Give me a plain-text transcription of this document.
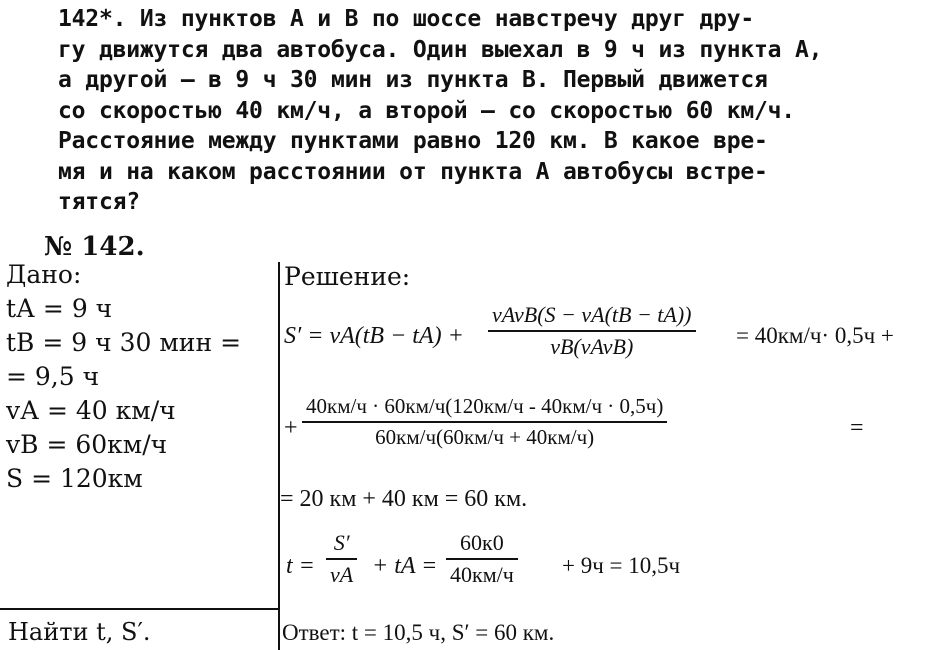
142*. Из пунктов А и В по шоссе навстречу друг дру-
гу движутся два автобуса. Один выехал в 9 ч из пункта А,
а другой — в 9 ч 30 мин из пункта В. Первый движется
со скоростью 40 км/ч, а второй — со скоростью 60 км/ч.
Расстояние между пунктами равно 120 км. В какое вре-
мя и на каком расстоянии от пункта А автобусы встре-
тятся?
№ 142.
Дано:
tА = 9 ч
tВ = 9 ч 30 мин =
= 9,5 ч
vА = 40 км/ч
vВ = 60км/ч
S = 120км
Найти t, S′.
Решение:
S′ = vA(tB − tA) +
vAvB(S − vA(tB − tA))
vB(vAvB)	= 40км/ч· 0,5ч +
+
40км/ч · 60км/ч(120км/ч - 40км/ч · 0,5ч)
60км/ч(60км/ч + 40км/ч)	=
= 20 км + 40 км = 60 км.
t =
S′
vA + tA =
60к0
40км/ч + 9ч = 10,5ч
Ответ: t = 10,5 ч, S′ = 60 км.
